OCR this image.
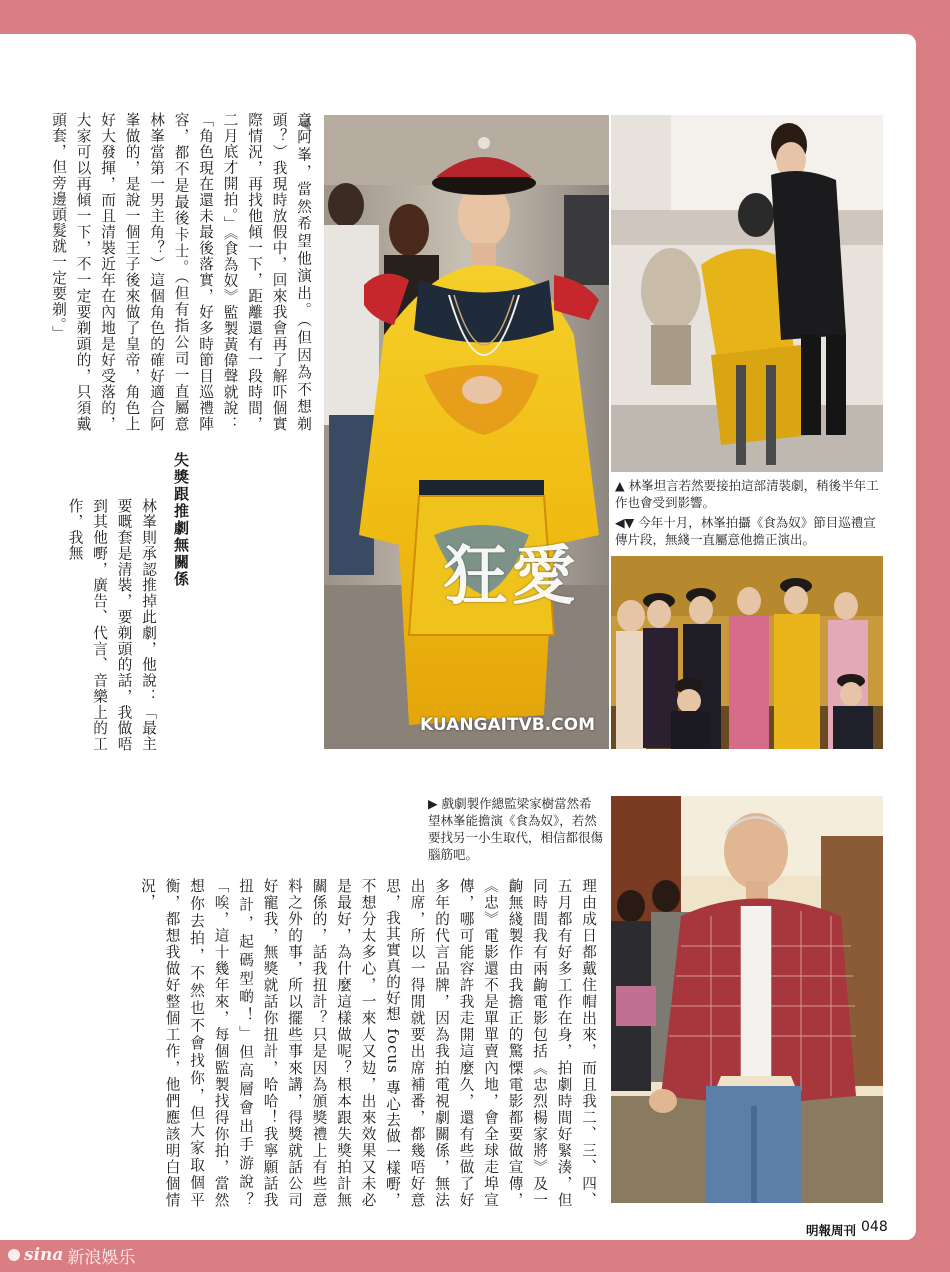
意阿峯，當然希望他演出。（但因為不想剃頭？）我現時放假中，回來我會再了解吓個實際情況，再找他傾一下，距離還有一段時間，二月底才開拍。」《食為奴》監製黃偉聲就說：「角色現在還未最後落實，好多時節目巡禮陣容，都不是最後卡士。（但有指公司一直屬意林峯當第一男主角？）這個角色的確好適合阿峯做的，是說一個王子後來做了皇帝，角色上好大發揮，而且清裝近年在內地是好受落的，大家可以再傾一下，不一定要剃頭的，只須戴頭套，但旁邊頭髮就一定要剃。」

失獎跟推劇無關係

林峯則承認推掉此劇，他說：「最主要嘅套是清裝，要剃頭的話，我做唔到其他嘢，廣告、代言、音樂上的工作，我無

狂愛
KUANGAITVB.COM
▲ 林峯坦言若然要接拍這部清裝劇，稍後半年工作也會受到影響。
◀▼ 今年十月，林峯拍攝《食為奴》節目巡禮宣傳片段，無綫一直屬意他擔正演出。
▶ 戲劇製作總監梁家樹當然希望林峯能擔演《食為奴》，若然要找另一小生取代，相信都很傷腦筋吧。

理由成日都戴住帽出來，而且我二、三、四、五月都有好多工作在身，拍劇時間好緊湊，但同時間我有兩齣電影包括《忠烈楊家將》及一齣無綫製作由我擔正的驚慄電影都要做宣傳，《忠》電影還不是單單賣內地，會全球走埠宣傳，哪可能容許我走開這麼久，還有些做了好多年的代言品牌，因為我拍電視劇關係，無法出席，所以一得閒就要出席補番，都幾唔好意思，我其實真的好想 focus 專心去做一樣嘢，不想分太多心，一來人又攰，出來效果又未必是最好，為什麼這樣做呢？根本跟失獎拍計無關係的，話我扭計？只是因為頒獎禮上有些意料之外的事，所以擺些事來講，得獎就話公司好寵我，無獎就話你扭計，哈哈！我寧願話我扭計，起碼型啲！」但高層會出手游說？「唉，這十幾年來，每個監製找得你拍，當然想你去拍，不然也不會找你，但大家取個平衡，都想我做好整個工作，他們應該明白個情況，

明報周刊 048
sina 新浪娛乐
